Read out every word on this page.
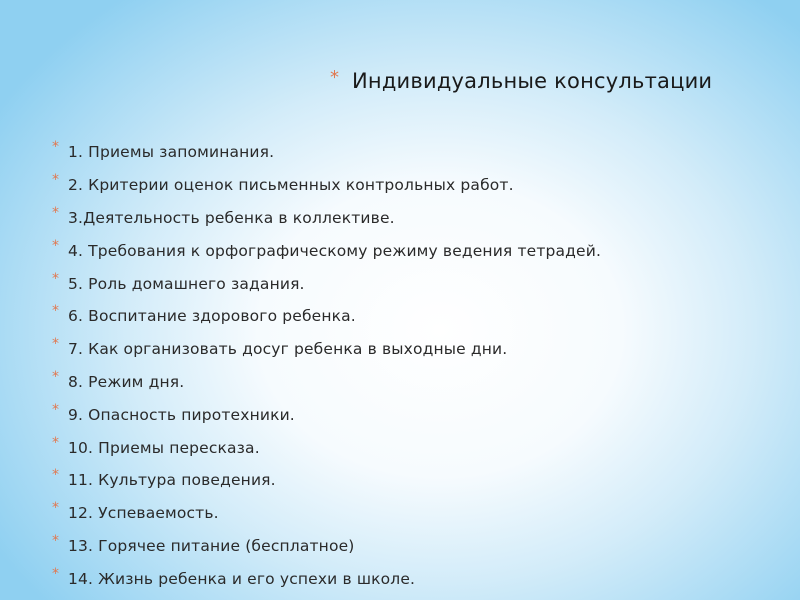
* Индивидуальные консультации
* 1. Приемы запоминания.
* 2. Критерии оценок письменных контрольных работ.
* 3.Деятельность ребенка в коллективе.
* 4. Требования к орфографическому режиму ведения тетрадей.
* 5. Роль домашнего задания.
* 6. Воспитание здорового ребенка.
* 7. Как организовать досуг ребенка в выходные дни.
* 8. Режим дня.
* 9. Опасность пиротехники.
* 10. Приемы пересказа.
* 11. Культура поведения.
* 12. Успеваемость.
* 13. Горячее питание (бесплатное)
* 14. Жизнь ребенка и его успехи в школе.
